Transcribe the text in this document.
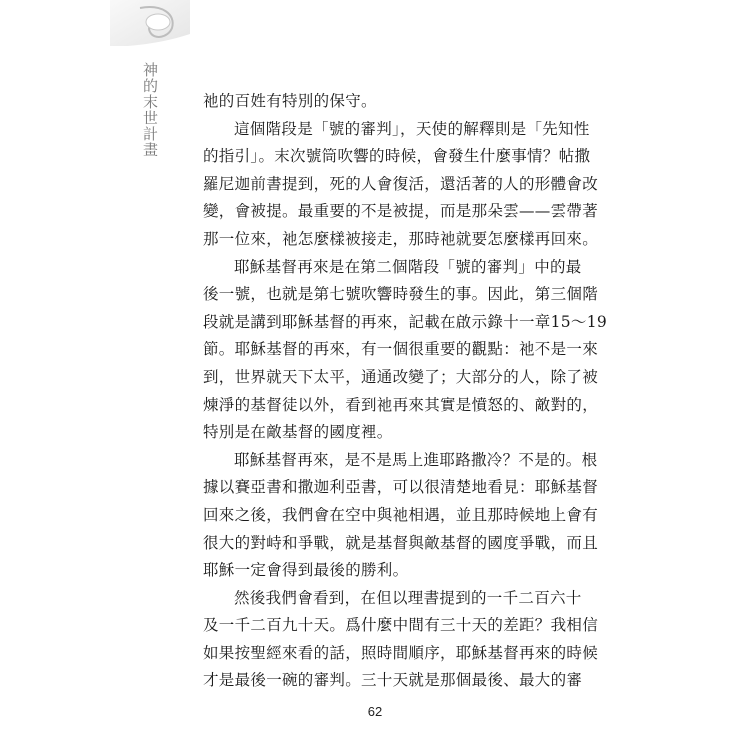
神的末世計畫	祂的百姓有特別的保守。

這個階段是「號的審判」，天使的解釋則是「先知性
的指引」。末次號筒吹響的時候，會發生什麼事情？帖撒
羅尼迦前書提到，死的人會復活，還活著的人的形體會改
變，會被提。最重要的不是被提，而是那朵雲——雲帶著
那一位來，祂怎麼樣被接走，那時祂就要怎麼樣再回來。

耶穌基督再來是在第二個階段「號的審判」中的最
後一號，也就是第七號吹響時發生的事。因此，第三個階
段就是講到耶穌基督的再來，記載在啟示錄十一章15～19
節。耶穌基督的再來，有一個很重要的觀點：祂不是一來
到，世界就天下太平，通通改變了；大部分的人，除了被
煉淨的基督徒以外，看到祂再來其實是憤怒的、敵對的，
特別是在敵基督的國度裡。

耶穌基督再來，是不是馬上進耶路撒冷？不是的。根
據以賽亞書和撒迦利亞書，可以很清楚地看見：耶穌基督
回來之後，我們會在空中與祂相遇，並且那時候地上會有
很大的對峙和爭戰，就是基督與敵基督的國度爭戰，而且
耶穌一定會得到最後的勝利。

然後我們會看到，在但以理書提到的一千二百六十
及一千二百九十天。爲什麼中間有三十天的差距？我相信
如果按聖經來看的話，照時間順序，耶穌基督再來的時候
才是最後一碗的審判。三十天就是那個最後、最大的審

62
